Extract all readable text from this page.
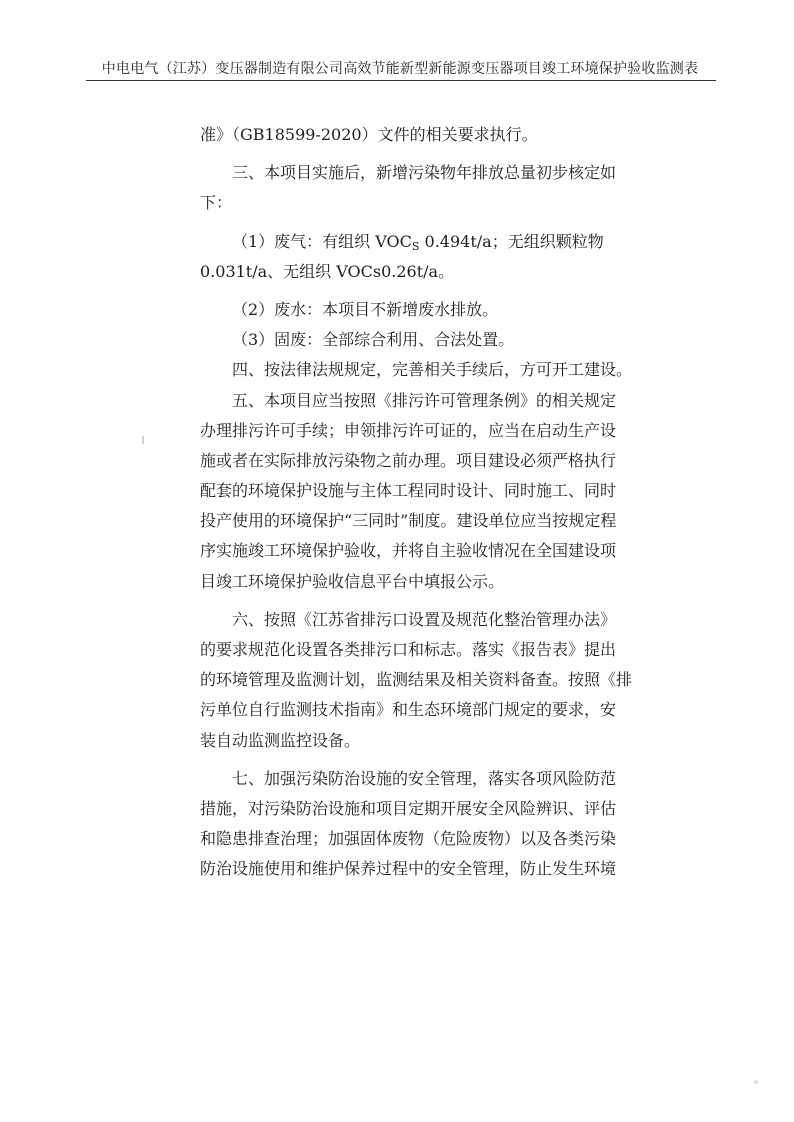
中电电气（江苏）变压器制造有限公司高效节能新型新能源变压器项目竣工环境保护验收监测表
准》（GB18599-2020）文件的相关要求执行。
三、本项目实施后，新增污染物年排放总量初步核定如
下：
（1）废气：有组织 $VOC_S$ 0.494t/a；无组织颗粒物
0.031t/a、无组织 VOCs0.26t/a。
（2）废水：本项目不新增废水排放。
（3）固废：全部综合利用、合法处置。
四、按法律法规规定，完善相关手续后，方可开工建设。
五、本项目应当按照《排污许可管理条例》的相关规定
办理排污许可手续；申领排污许可证的，应当在启动生产设
施或者在实际排放污染物之前办理。项目建设必须严格执行
配套的环境保护设施与主体工程同时设计、同时施工、同时
投产使用的环境保护“三同时”制度。建设单位应当按规定程
序实施竣工环境保护验收，并将自主验收情况在全国建设项
目竣工环境保护验收信息平台中填报公示。
六、按照《江苏省排污口设置及规范化整治管理办法》
的要求规范化设置各类排污口和标志。落实《报告表》提出
的环境管理及监测计划，监测结果及相关资料备查。按照《排
污单位自行监测技术指南》和生态环境部门规定的要求，安
装自动监测监控设备。
七、加强污染防治设施的安全管理，落实各项风险防范
措施，对污染防治设施和项目定期开展安全风险辨识、评估
和隐患排查治理；加强固体废物（危险废物）以及各类污染
防治设施使用和维护保养过程中的安全管理，防止发生环境
